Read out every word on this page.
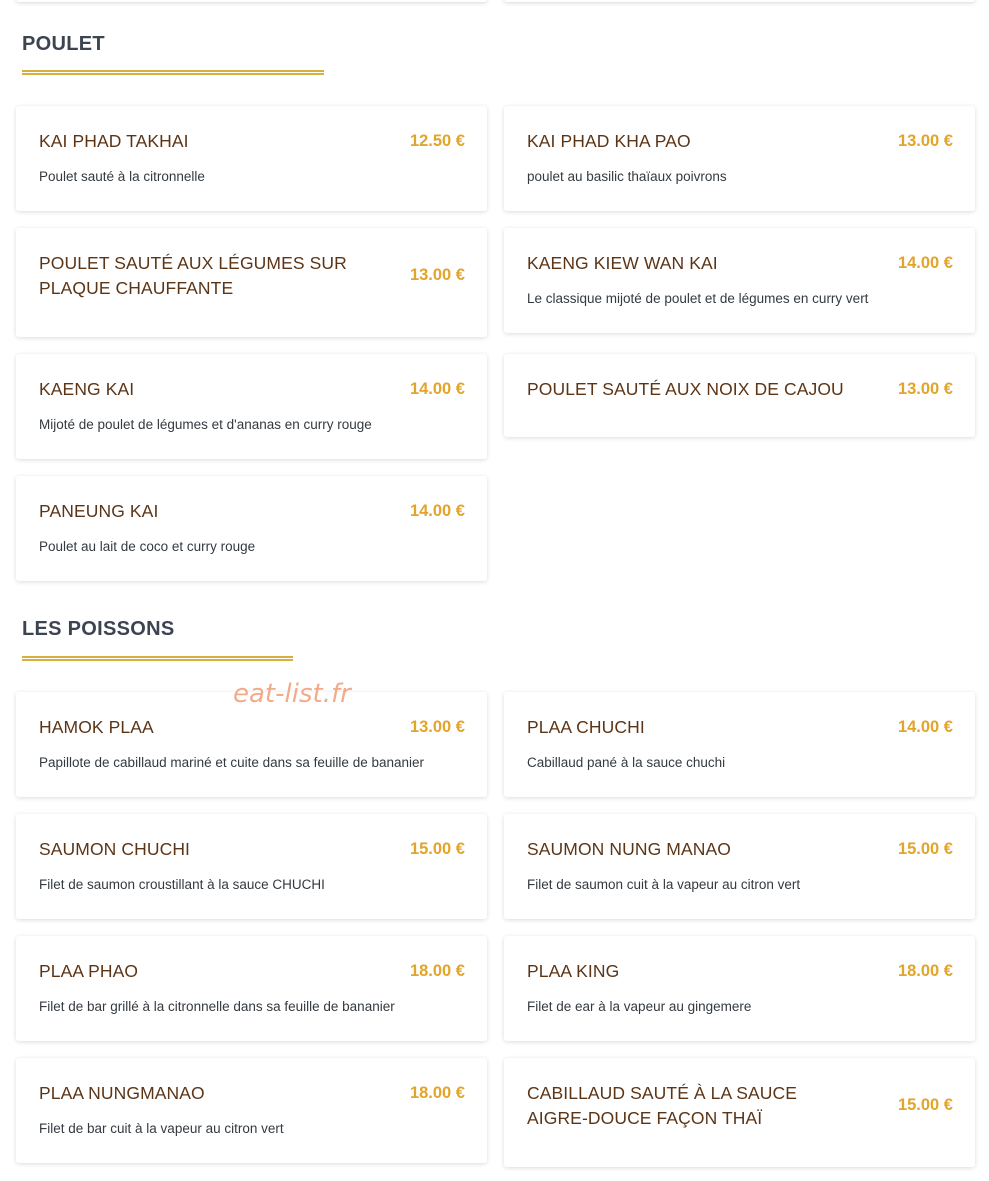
POULET
KAI PHAD TAKHAI	12.50 €
Poulet sauté à la citronnelle
KAI PHAD KHA PAO	13.00 €
poulet au basilic thaïaux poivrons
POULET SAUTÉ AUX LÉGUMES SUR PLAQUE CHAUFFANTE
13.00 €
KAENG KIEW WAN KAI	14.00 €
Le classique mijoté de poulet et de légumes en curry vert
KAENG KAI	14.00 €
Mijoté de poulet de légumes et d'ananas en curry rouge
POULET SAUTÉ AUX NOIX DE CAJOU	13.00 €
PANEUNG KAI	14.00 €
Poulet au lait de coco et curry rouge
LES POISSONS
HAMOK PLAA	13.00 €
Papillote de cabillaud mariné et cuite dans sa feuille de bananier
PLAA CHUCHI	14.00 €
Cabillaud pané à la sauce chuchi
SAUMON CHUCHI	15.00 €
Filet de saumon croustillant à la sauce CHUCHI
SAUMON NUNG MANAO	15.00 €
Filet de saumon cuit à la vapeur au citron vert
PLAA PHAO	18.00 €
Filet de bar grillé à la citronnelle dans sa feuille de bananier
PLAA KING	18.00 €
Filet de ear à la vapeur au gingemere
PLAA NUNGMANAO	18.00 €
Filet de bar cuit à la vapeur au citron vert
CABILLAUD SAUTÉ À LA SAUCE AIGRE-DOUCE FAÇON THAÏ
15.00 €
eat-list.fr
